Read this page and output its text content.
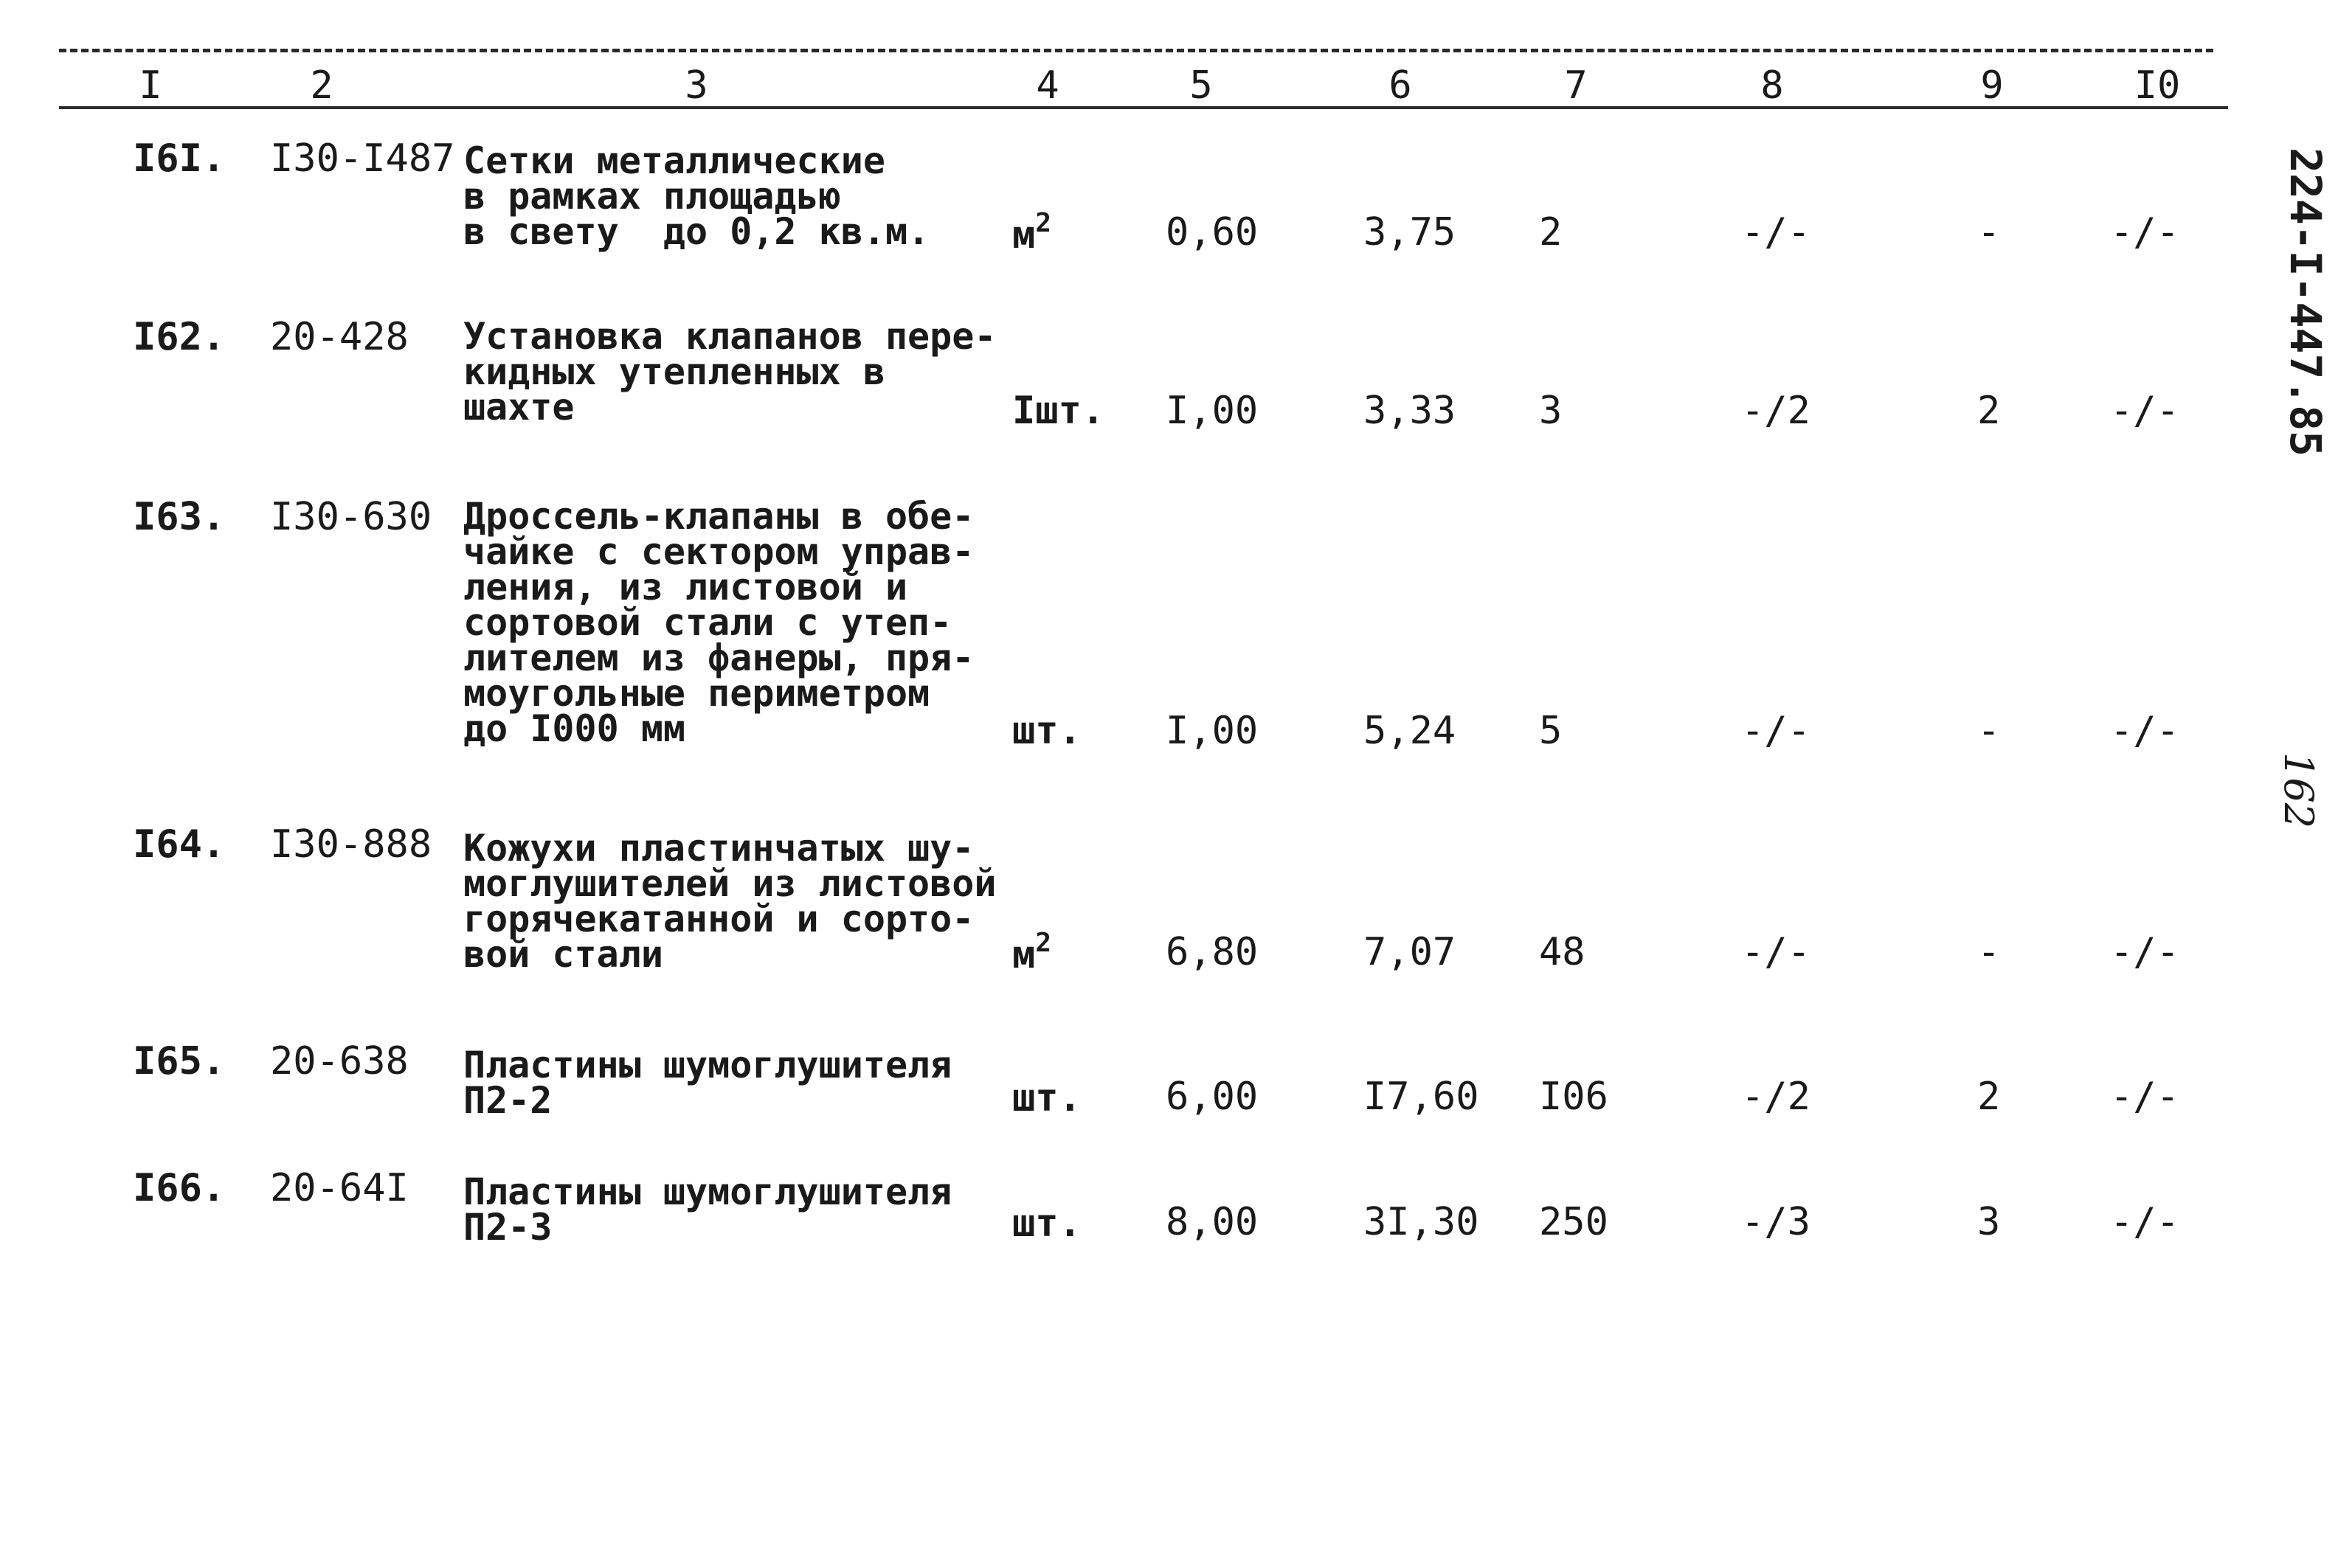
I	2	3	4	5	6	7	8	9	I0
I6I. I30-I487 Сетки металлические
в рамках площадью
в свету  до 0,2 кв.м. $м^2$	0,60	3,75 2	-/-	-	-/-
I62. 20-428 Установка клапанов пере-
кидных утепленных в
шахте	Iшт. I,00	3,33 3	-/2	2	-/-
I63. I30-630 Дроссель-клапаны в обе-
чайке с сектором управ-
ления, из листовой и
сортовой стали с утеп-
лителем из фанеры, пря-
моугольные периметром
до I000 мм	шт. I,00	5,24 5	-/-	-	-/-
I64. I30-888 Кожухи пластинчатых шу-
моглушителей из листовой
горячекатанной и сорто-
вой стали	$м^2$	6,80	7,07 48	-/-	-	-/-
I65. 20-638 Пластины шумоглушителя
П2-2	шт. 6,00	I7,60 I06	-/2	2	-/-
I66. 20-64I Пластины шумоглушителя
П2-3	шт. 8,00	3I,30 250	-/3	3	-/-
224-I-447.85
162
